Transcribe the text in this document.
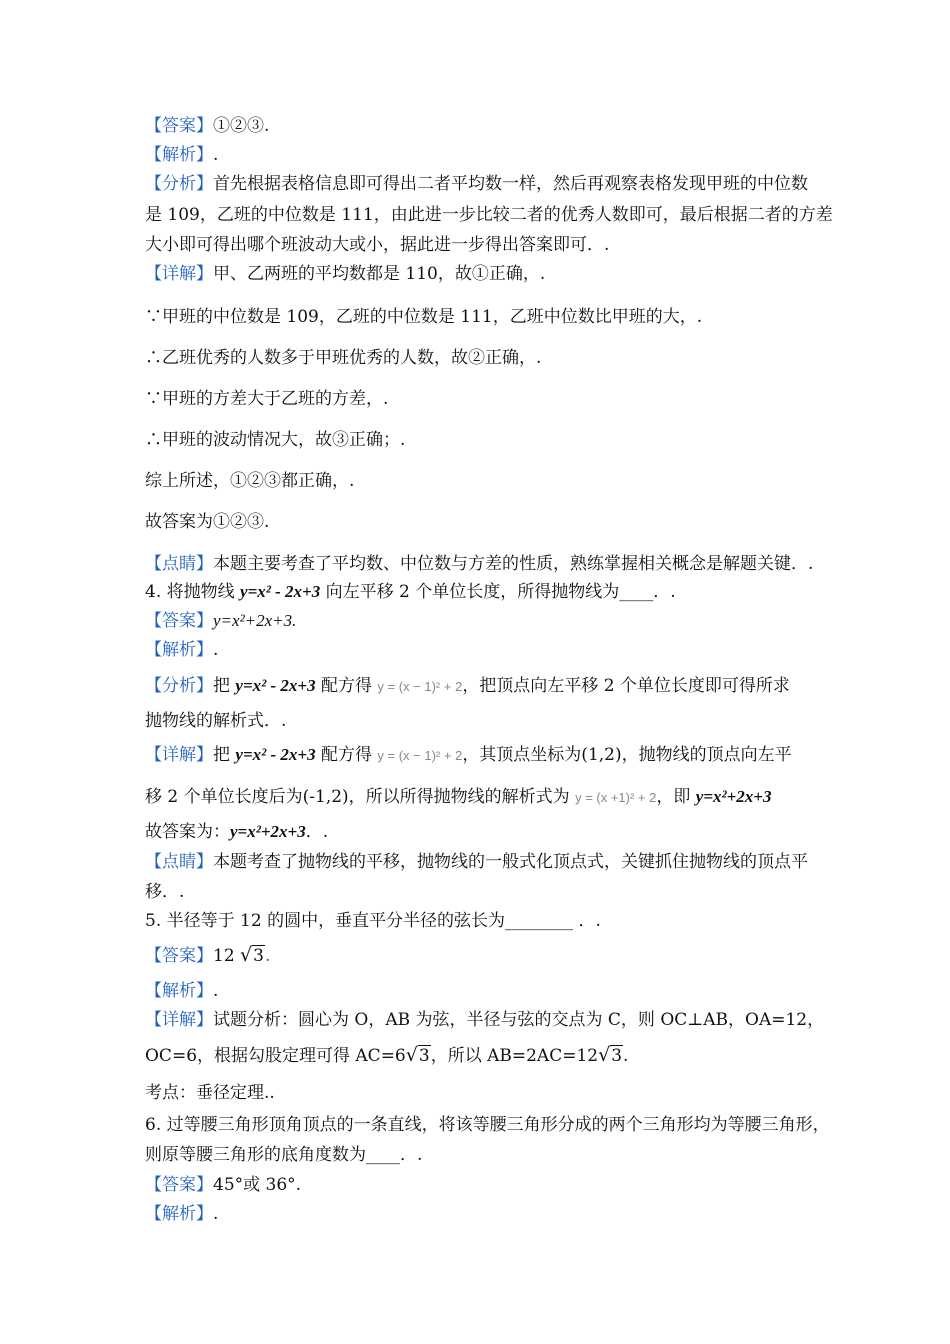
【答案】①②③.
【解析】.
【分析】首先根据表格信息即可得出二者平均数一样，然后再观察表格发现甲班的中位数
是 109，乙班的中位数是 111，由此进一步比较二者的优秀人数即可，最后根据二者的方差
大小即可得出哪个班波动大或小，据此进一步得出答案即可．.
【详解】甲、乙两班的平均数都是 110，故①正确，.
∵甲班的中位数是 109，乙班的中位数是 111，乙班中位数比甲班的大，.
∴乙班优秀的人数多于甲班优秀的人数，故②正确，.
∵甲班的方差大于乙班的方差，.
∴甲班的波动情况大，故③正确；.
综上所述，①②③都正确，.
故答案为①②③.
【点睛】本题主要考查了平均数、中位数与方差的性质，熟练掌握相关概念是解题关键．.
4. 将抛物线 y=x² - 2x+3 向左平移 2 个单位长度，所得抛物线为____．.
【答案】y=x²+2x+3.
【解析】.
【分析】把 y=x² - 2x+3 配方得 y = (x − 1)² + 2，把顶点向左平移 2 个单位长度即可得所求
抛物线的解析式．.
【详解】把 y=x² - 2x+3 配方得 y = (x − 1)² + 2，其顶点坐标为(1,2)，抛物线的顶点向左平
移 2 个单位长度后为(-1,2)，所以所得抛物线的解析式为 y = (x +1)² + 2，即 y=x²+2x+3
故答案为：y=x²+2x+3．.
【点睛】本题考查了抛物线的平移，抛物线的一般式化顶点式，关键抓住抛物线的顶点平
移．.
5. 半径等于 12 的圆中，垂直平分半径的弦长为________ ．.
【答案】12 √3.
【解析】.
【详解】试题分析：圆心为 O，AB 为弦，半径与弦的交点为 C，则 OC⊥AB，OA=12，
OC=6，根据勾股定理可得 AC=6√3，所以 AB=2AC=12√3.
考点：垂径定理..
6. 过等腰三角形顶角顶点的一条直线，将该等腰三角形分成的两个三角形均为等腰三角形，
则原等腰三角形的底角度数为____．.
【答案】45°或 36°.
【解析】.
